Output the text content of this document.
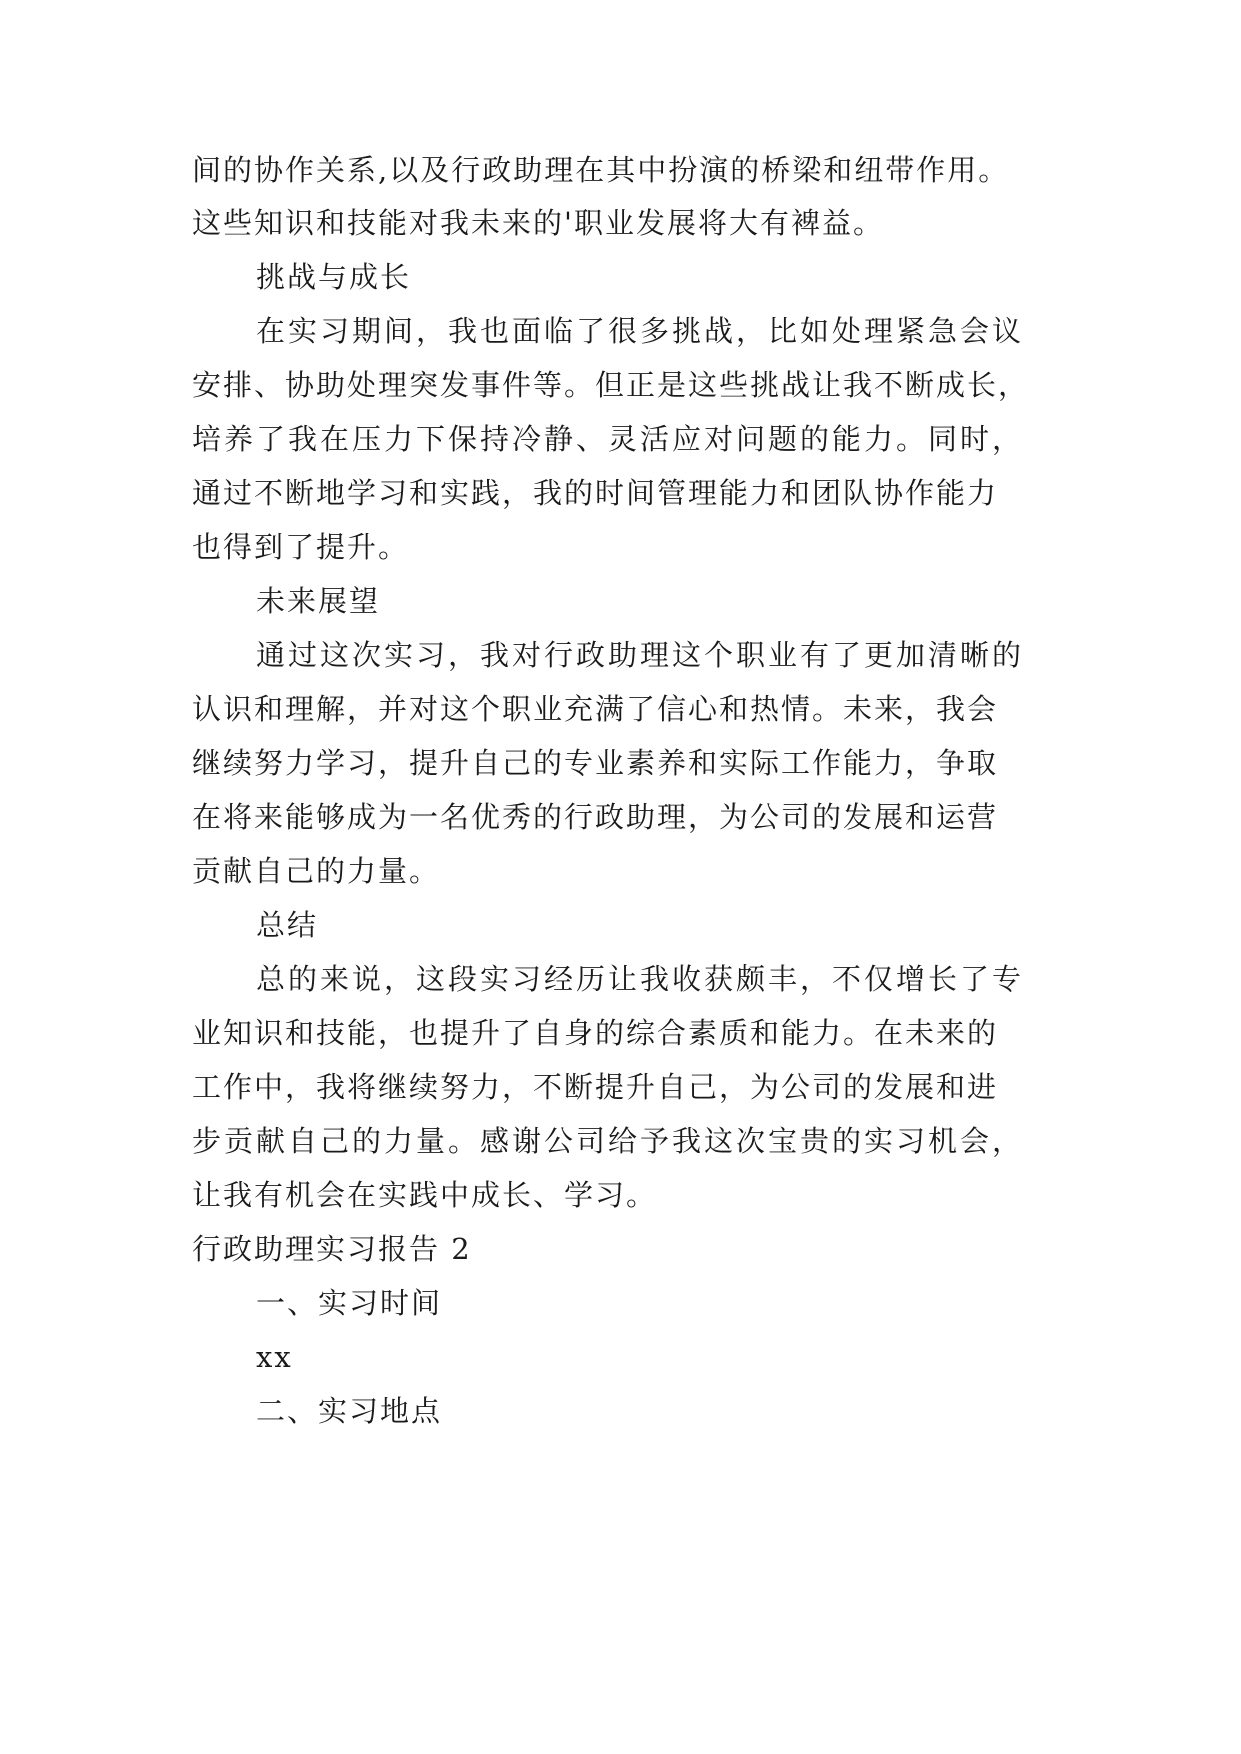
间的协作关系,以及行政助理在其中扮演的桥梁和纽带作用。
这些知识和技能对我未来的'职业发展将大有裨益。
挑战与成长
在实习期间，我也面临了很多挑战，比如处理紧急会议
安排、协助处理突发事件等。但正是这些挑战让我不断成长，
培养了我在压力下保持冷静、灵活应对问题的能力。同时，
通过不断地学习和实践，我的时间管理能力和团队协作能力
也得到了提升。
未来展望
通过这次实习，我对行政助理这个职业有了更加清晰的
认识和理解，并对这个职业充满了信心和热情。未来，我会
继续努力学习，提升自己的专业素养和实际工作能力，争取
在将来能够成为一名优秀的行政助理，为公司的发展和运营
贡献自己的力量。
总结
总的来说，这段实习经历让我收获颇丰，不仅增长了专
业知识和技能，也提升了自身的综合素质和能力。在未来的
工作中，我将继续努力，不断提升自己，为公司的发展和进
步贡献自己的力量。感谢公司给予我这次宝贵的实习机会，
让我有机会在实践中成长、学习。
行政助理实习报告 2
一、实习时间
xx
二、实习地点
